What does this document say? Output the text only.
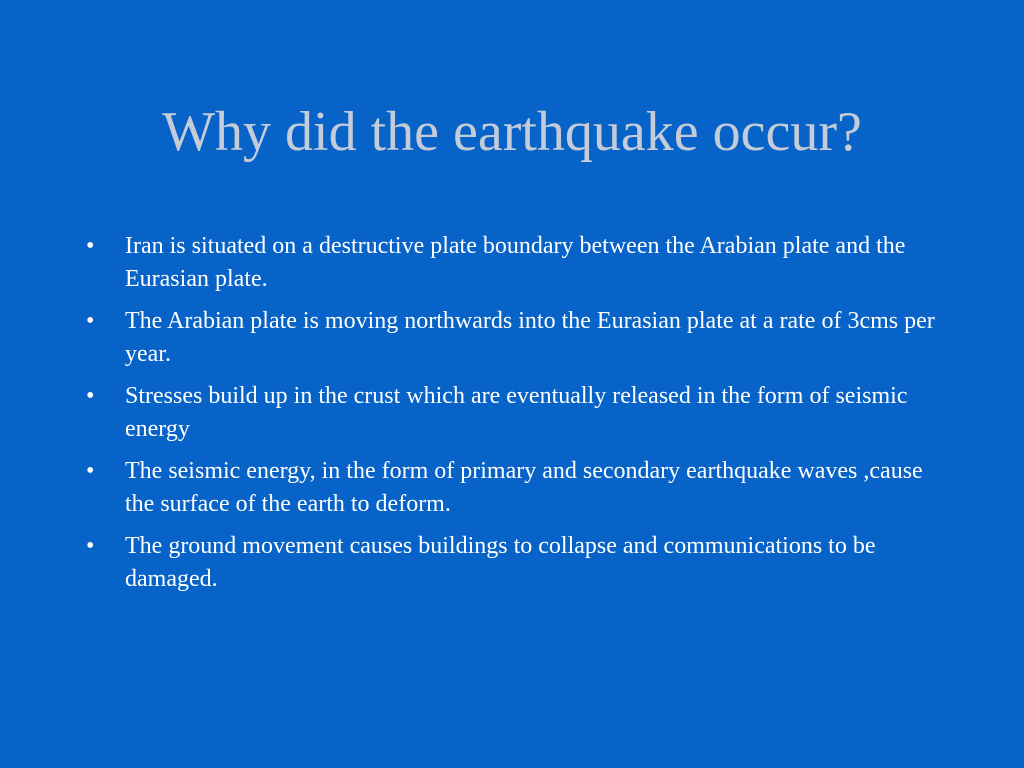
Why did the earthquake occur?
•	Iran is situated on a destructive plate boundary between the Arabian plate and the Eurasian plate.
•	The Arabian plate is moving northwards into the Eurasian plate at a rate of 3cms per year.
•	Stresses build up in the crust which are eventually released in the form of seismic energy
•	The seismic energy, in the form of primary and secondary earthquake waves ,cause the surface of the earth to deform.
•	The ground movement causes buildings to collapse and communications to be damaged.
